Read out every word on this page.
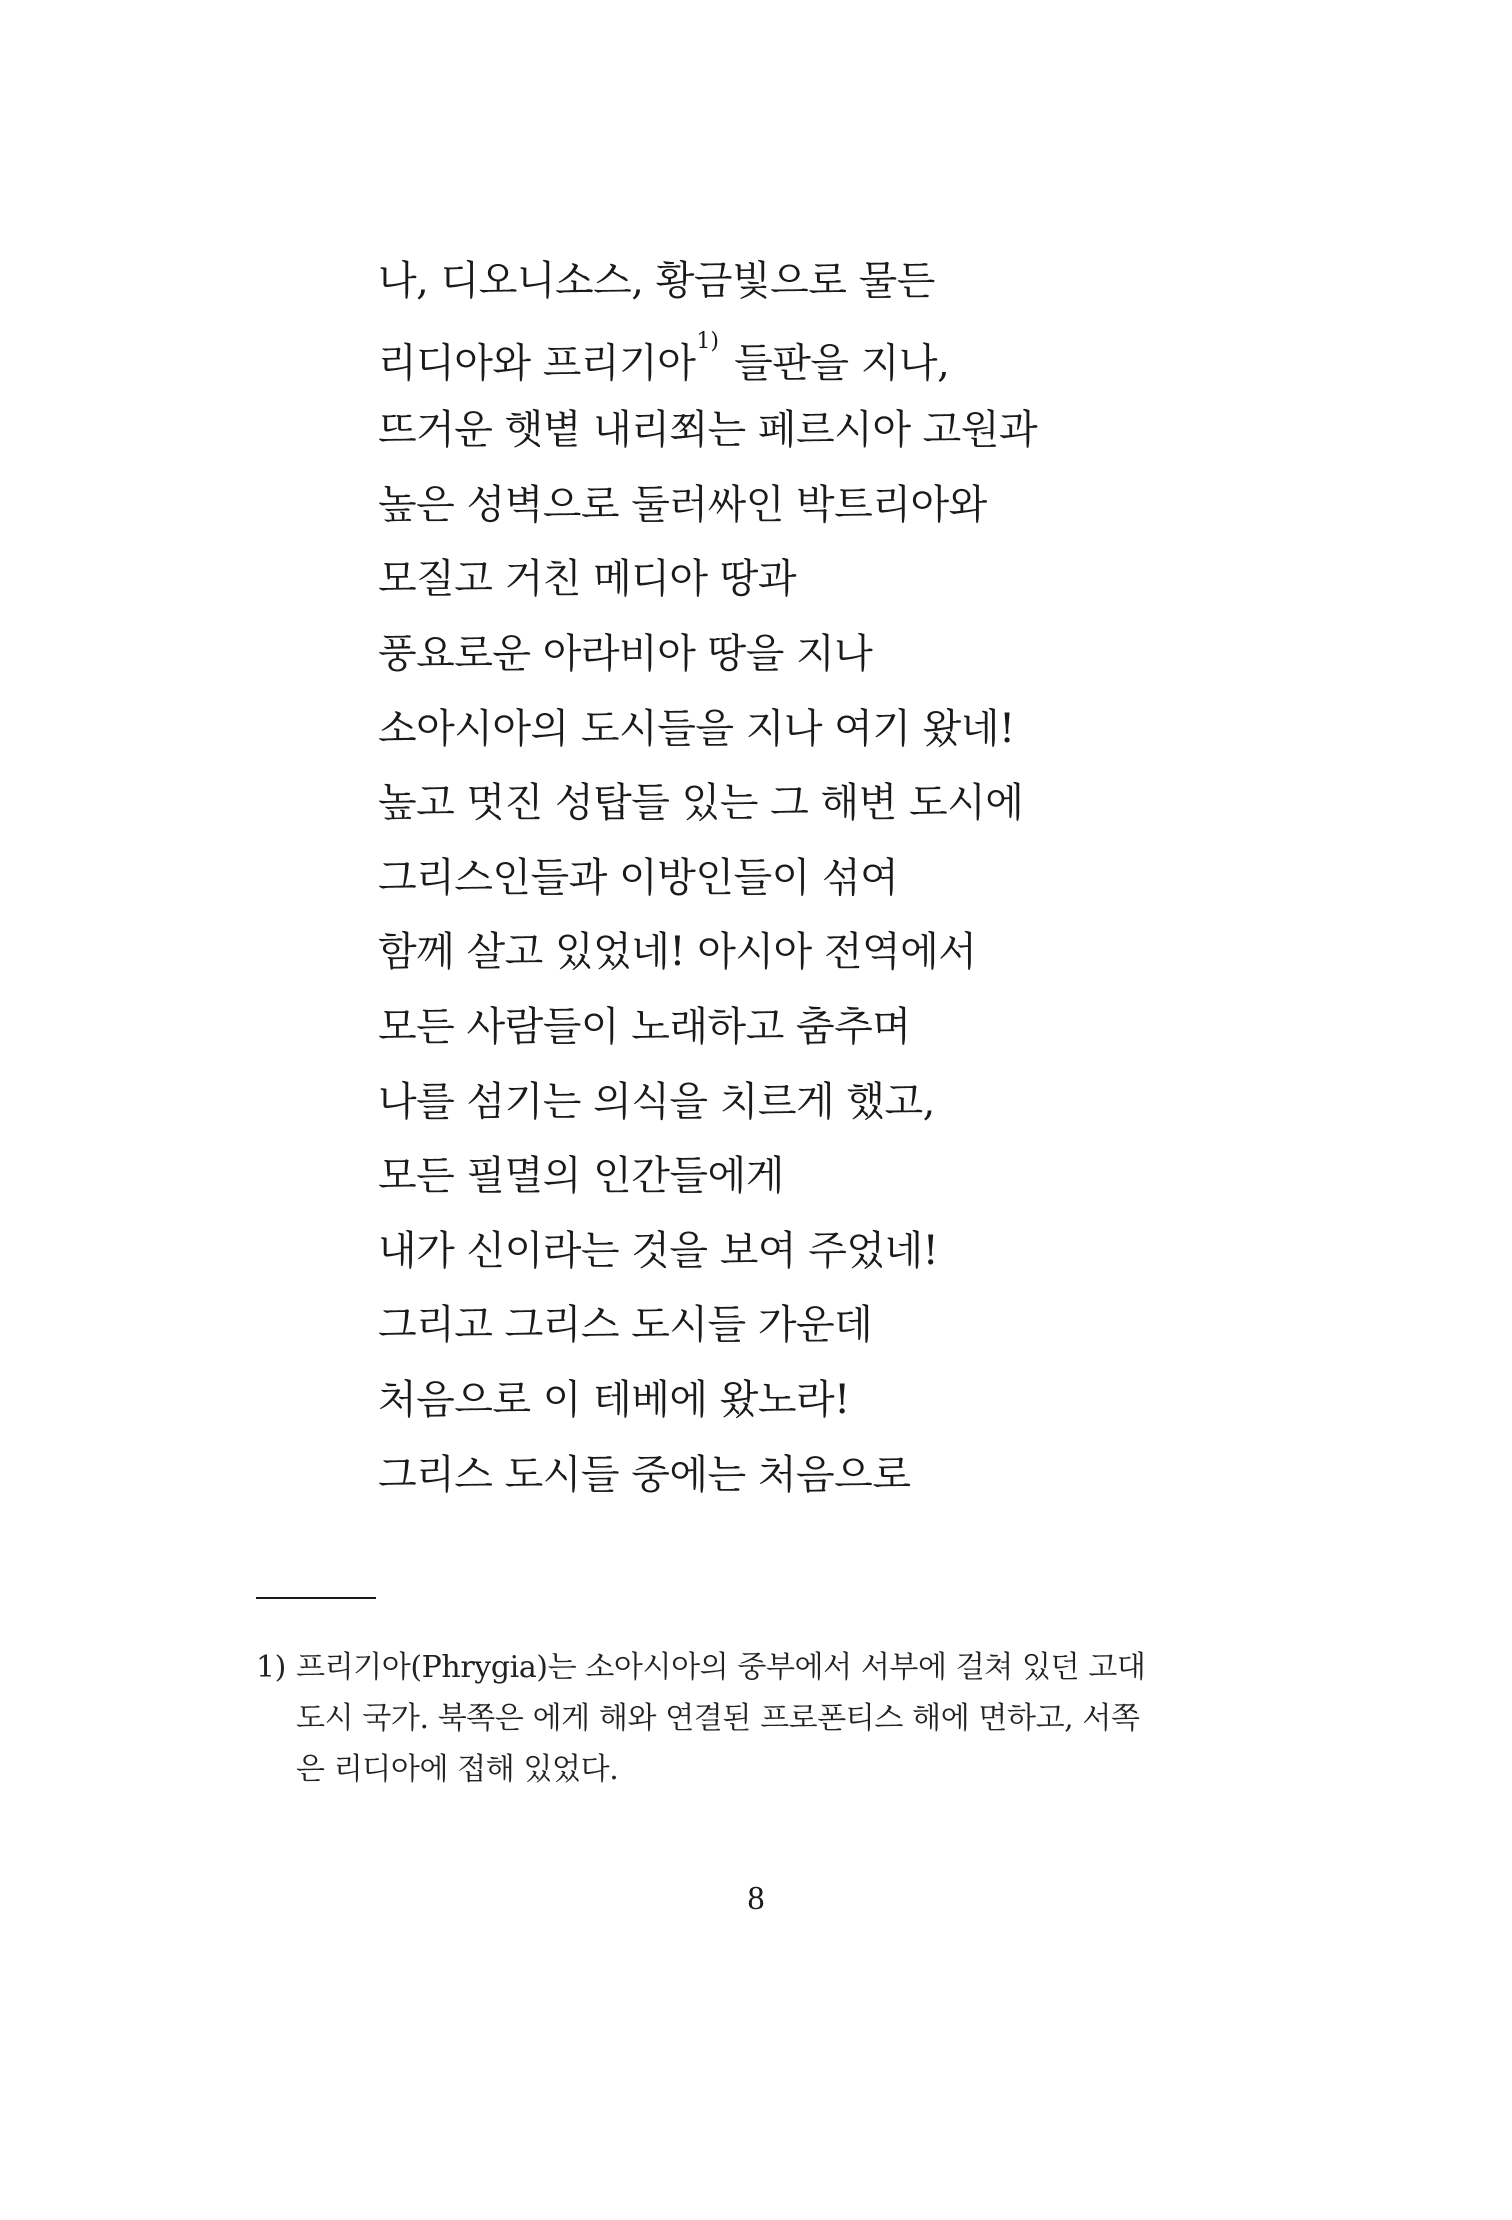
나, 디오니소스, 황금빛으로 물든
리디아와 프리기아$^{1)}$ 들판을 지나,
뜨거운 햇볕 내리쬐는 페르시아 고원과
높은 성벽으로 둘러싸인 박트리아와
모질고 거친 메디아 땅과
풍요로운 아라비아 땅을 지나
소아시아의 도시들을 지나 여기 왔네!
높고 멋진 성탑들 있는 그 해변 도시에
그리스인들과 이방인들이 섞여
함께 살고 있었네! 아시아 전역에서
모든 사람들이 노래하고 춤추며
나를 섬기는 의식을 치르게 했고,
모든 필멸의 인간들에게
내가 신이라는 것을 보여 주었네!
그리고 그리스 도시들 가운데
처음으로 이 테베에 왔노라!
그리스 도시들 중에는 처음으로
1) 프리기아(Phrygia)는 소아시아의 중부에서 서부에 걸쳐 있던 고대
도시 국가. 북쪽은 에게 해와 연결된 프로폰티스 해에 면하고, 서쪽
은 리디아에 접해 있었다.
8
